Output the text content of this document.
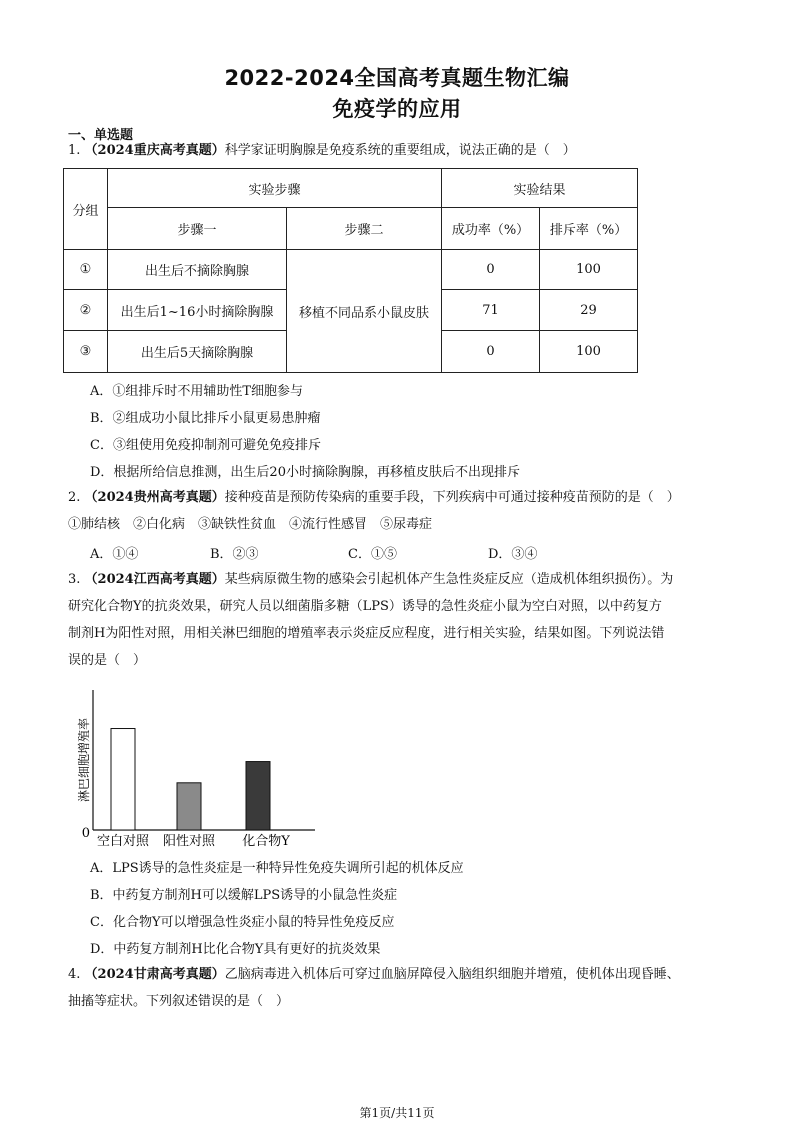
2022-2024全国高考真题生物汇编
免疫学的应用
一、单选题
1. （2024重庆高考真题）科学家证明胸腺是免疫系统的重要组成，说法正确的是（　）
分组	实验步骤		实验结果	
	步骤一	步骤二	成功率（%）	排斥率（%）
①	出生后不摘除胸腺	移植不同品系小鼠皮肤	0	100
②	出生后1~16小时摘除胸腺		71	29
③	出生后5天摘除胸腺		0	100
A．①组排斥时不用辅助性T细胞参与
B．②组成功小鼠比排斥小鼠更易患肿瘤
C．③组使用免疫抑制剂可避免免疫排斥
D．根据所给信息推测，出生后20小时摘除胸腺，再移植皮肤后不出现排斥
2. （2024贵州高考真题）接种疫苗是预防传染病的重要手段，下列疾病中可通过接种疫苗预防的是（　）
①肺结核　②白化病　③缺铁性贫血　④流行性感冒　⑤尿毒症
A．①④	B．②③	C．①⑤	D．③④
3. （2024江西高考真题）某些病原微生物的感染会引起机体产生急性炎症反应（造成机体组织损伤）。为
研究化合物Y的抗炎效果，研究人员以细菌脂多糖（LPS）诱导的急性炎症小鼠为空白对照，以中药复方
制剂H为阳性对照，用相关淋巴细胞的增殖率表示炎症反应程度，进行相关实验，结果如图。下列说法错
误的是（　）
淋巴细胞增殖率
0
空白对照 阳性对照 化合物Y
A．LPS诱导的急性炎症是一种特异性免疫失调所引起的机体反应
B．中药复方制剂H可以缓解LPS诱导的小鼠急性炎症
C．化合物Y可以增强急性炎症小鼠的特异性免疫反应
D．中药复方制剂H比化合物Y具有更好的抗炎效果
4. （2024甘肃高考真题）乙脑病毒进入机体后可穿过血脑屏障侵入脑组织细胞并增殖，使机体出现昏睡、
抽搐等症状。下列叙述错误的是（　）
第1页/共11页
